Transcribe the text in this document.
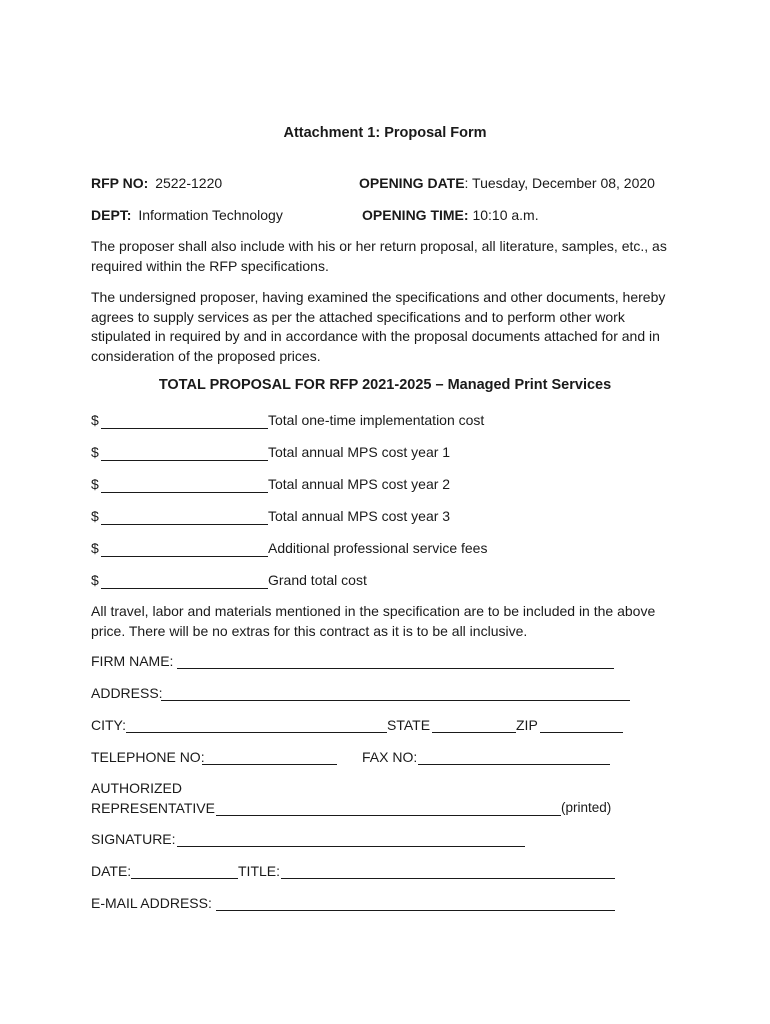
Attachment 1: Proposal Form
RFP NO: 2522-1220	OPENING DATE: Tuesday, December 08, 2020
DEPT: Information Technology	OPENING TIME: 10:10 a.m.
The proposer shall also include with his or her return proposal, all literature, samples, etc., as required within the RFP specifications.
The undersigned proposer, having examined the specifications and other documents, hereby agrees to supply services as per the attached specifications and to perform other work stipulated in required by and in accordance with the proposal documents attached for and in consideration of the proposed prices.
TOTAL PROPOSAL FOR RFP 2021-2025 – Managed Print Services
$	Total one-time implementation cost
$	Total annual MPS cost year 1
$	Total annual MPS cost year 2
$	Total annual MPS cost year 3
$	Additional professional service fees
$	Grand total cost
All travel, labor and materials mentioned in the specification are to be included in the above price. There will be no extras for this contract as it is to be all inclusive.
FIRM NAME:
ADDRESS:
CITY:	STATE	ZIP
TELEPHONE NO:	FAX NO:
AUTHORIZED
REPRESENTATIVE	(printed)
SIGNATURE:
DATE:	TITLE:
E-MAIL ADDRESS:
